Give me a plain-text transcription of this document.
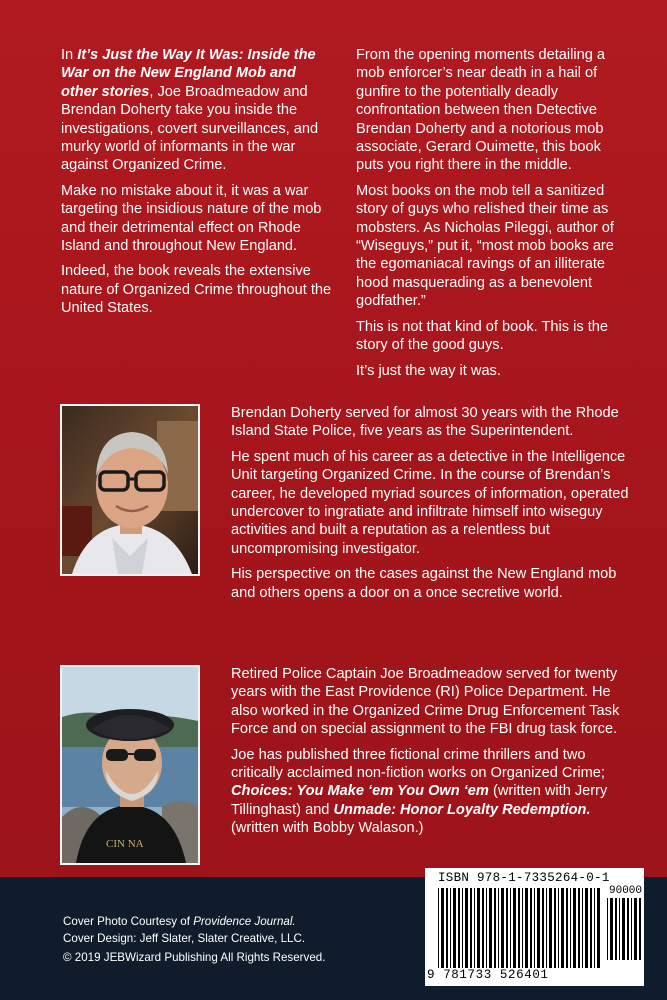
In It’s Just the Way It Was: Inside the War on the New England Mob and other stories, Joe Broadmeadow and Brendan Doherty take you inside the investigations, covert surveillances, and murky world of informants in the war against Organized Crime.

Make no mistake about it, it was a war targeting the insidious nature of the mob and their detrimental effect on Rhode Island and throughout New England.

Indeed, the book reveals the extensive nature of Organized Crime throughout the United States.

From the opening moments detailing a mob enforcer’s near death in a hail of gunfire to the potentially deadly confrontation between then Detective Brendan Doherty and a notorious mob associate, Gerard Ouimette, this book puts you right there in the middle.

Most books on the mob tell a sanitized story of guys who relished their time as mobsters. As Nicholas Pileggi, author of “Wiseguys,” put it, “most mob books are the egomaniacal ravings of an illiterate hood masquerading as a benevolent godfather.”

This is not that kind of book. This is the story of the good guys.

It’s just the way it was.

Brendan Doherty served for almost 30 years with the Rhode Island State Police, five years as the Superintendent.

He spent much of his career as a detective in the Intelligence Unit targeting Organized Crime. In the course of Brendan’s career, he developed myriad sources of information, operated undercover to ingratiate and infiltrate himself into wiseguy activities and built a reputation as a relentless but uncompromising investigator.

His perspective on the cases against the New England mob and others opens a door on a once secretive world.

CIN NA

Retired Police Captain Joe Broadmeadow served for twenty years with the East Providence (RI) Police Department. He also worked in the Organized Crime Drug Enforcement Task Force and on special assignment to the FBI drug task force.

Joe has published three fictional crime thrillers and two critically acclaimed non-fiction works on Organized Crime;  Choices: You Make ‘em You Own ‘em (written with Jerry Tillinghast) and Unmade: Honor Loyalty Redemption. (written with Bobby Walason.)

Cover Photo Courtesy of Providence Journal.
Cover Design: Jeff Slater, Slater Creative, LLC.
© 2019 JEBWizard Publishing All Rights Reserved.
ISBN 978-1-7335264-0-1
90000
9 781733 526401
